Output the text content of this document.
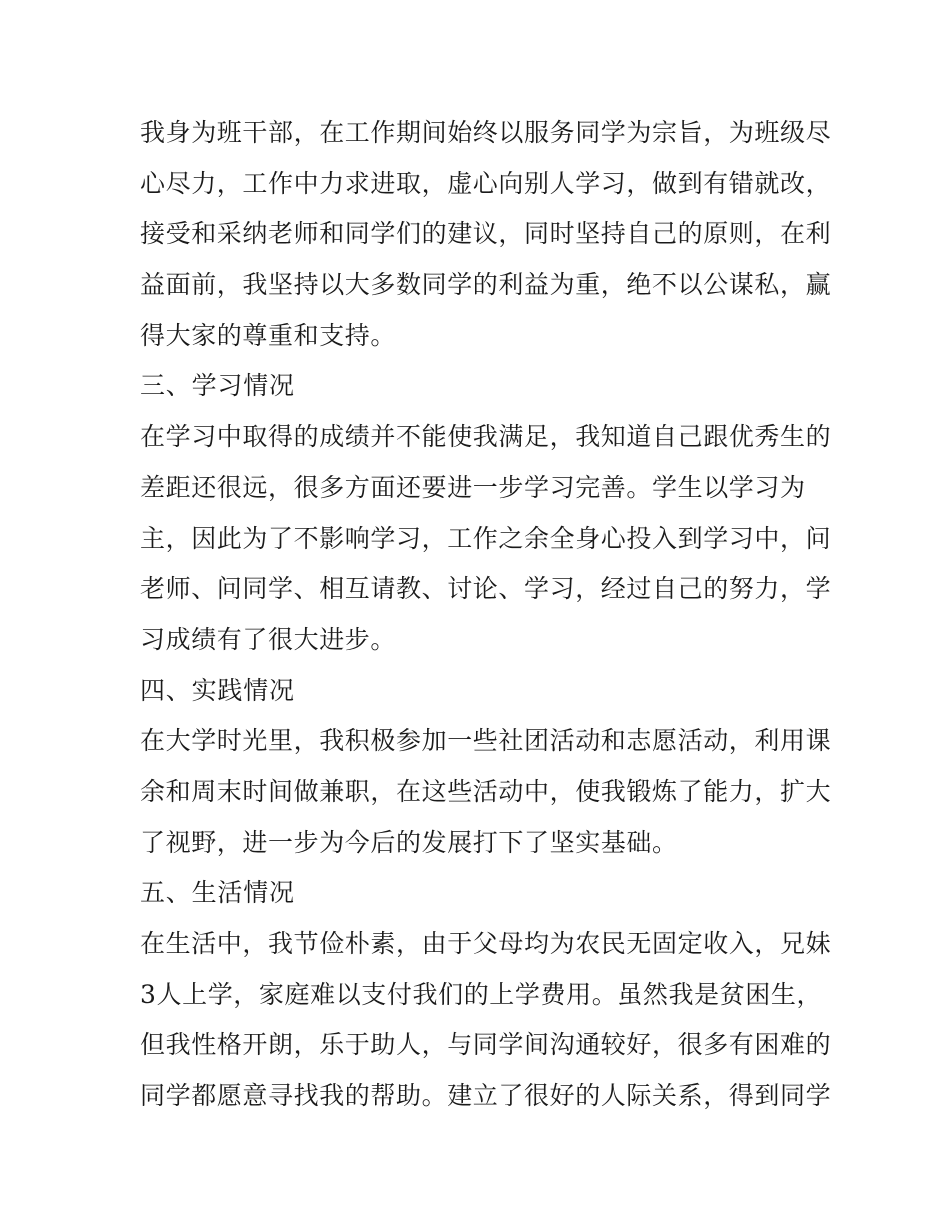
我身为班干部，在工作期间始终以服务同学为宗旨，为班级尽
心尽力，工作中力求进取，虚心向别人学习，做到有错就改，
接受和采纳老师和同学们的建议，同时坚持自己的原则，在利
益面前，我坚持以大多数同学的利益为重，绝不以公谋私，赢
得大家的尊重和支持。
三、学习情况
在学习中取得的成绩并不能使我满足，我知道自己跟优秀生的
差距还很远，很多方面还要进一步学习完善。学生以学习为
主，因此为了不影响学习，工作之余全身心投入到学习中，问
老师、问同学、相互请教、讨论、学习，经过自己的努力，学
习成绩有了很大进步。
四、实践情况
在大学时光里，我积极参加一些社团活动和志愿活动，利用课
余和周末时间做兼职，在这些活动中，使我锻炼了能力，扩大
了视野，进一步为今后的发展打下了坚实基础。
五、生活情况
在生活中，我节俭朴素，由于父母均为农民无固定收入，兄妹
3人上学，家庭难以支付我们的上学费用。虽然我是贫困生，
但我性格开朗，乐于助人，与同学间沟通较好，很多有困难的
同学都愿意寻找我的帮助。建立了很好的人际关系，得到同学
